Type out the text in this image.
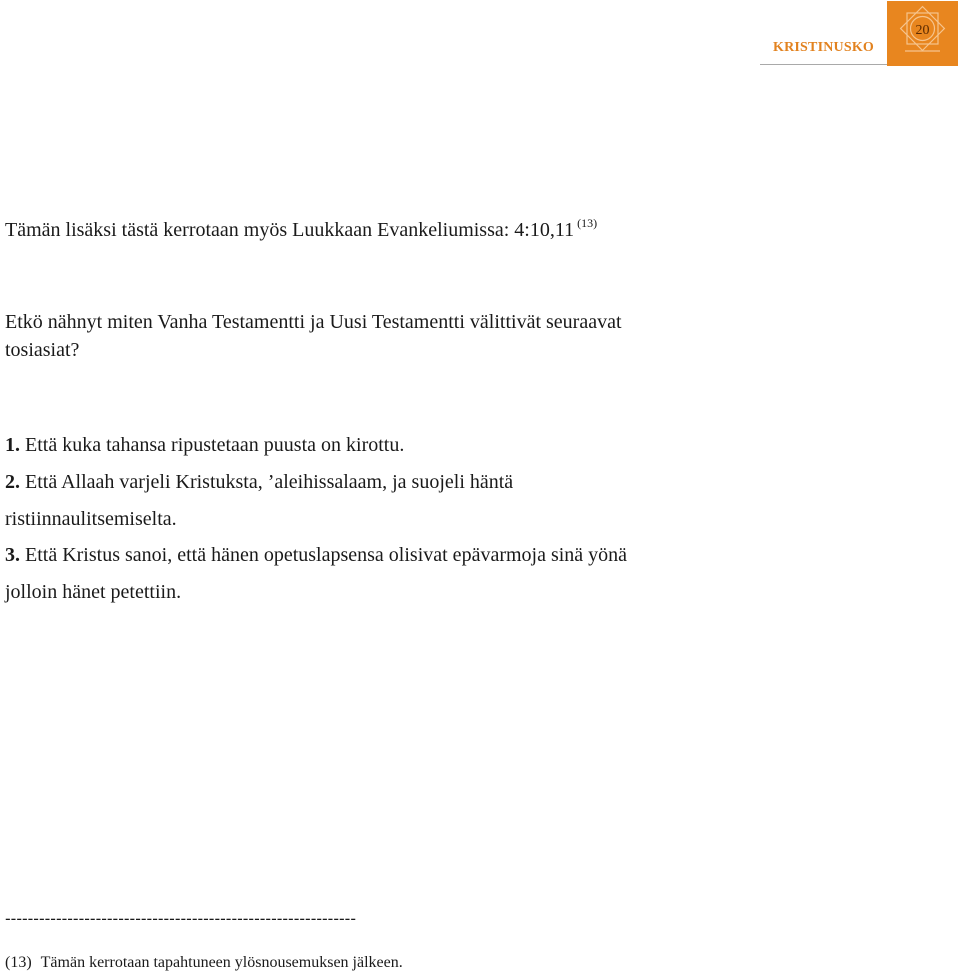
KRISTINUSKO
20
Tämän lisäksi tästä kerrotaan myös Luukkaan Evankeliumissa: 4:10,11 $^{(13)}$
Etkö nähnyt miten Vanha Testamentti ja Uusi Testamentti välittivät seuraavat
tosiasiat?
1. Että kuka tahansa ripustetaan puusta on kirottu.
2. Että Allaah varjeli Kristuksta, ’aleihissalaam, ja suojeli häntä
ristiinnaulitsemiselta.
3. Että Kristus sanoi, että hänen opetuslapsensa olisivat epävarmoja sinä yönä
jolloin hänet petettiin.
--------------------------------------------------------------
(13) Tämän kerrotaan tapahtuneen ylösnousemuksen jälkeen.
